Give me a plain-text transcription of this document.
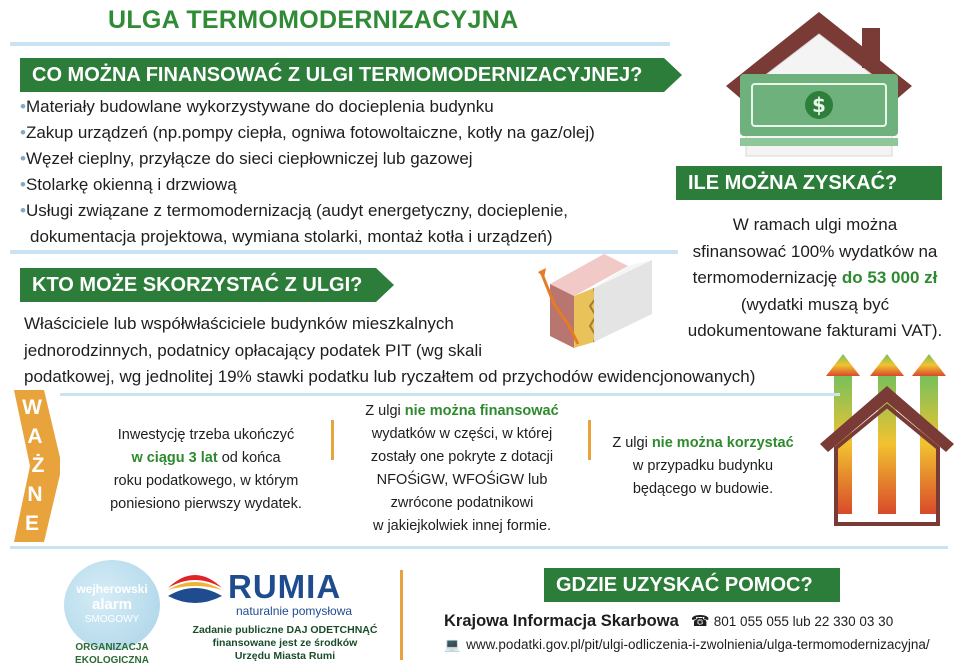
ULGA TERMOMODERNIZACYJNA
CO MOŻNA FINANSOWAĆ Z ULGI TERMOMODERNIZACYJNEJ?
•Materiały budowlane wykorzystywane do docieplenia budynku
•Zakup urządzeń (np.pompy ciepła, ogniwa fotowoltaiczne, kotły na gaz/olej)
•Węzeł cieplny, przyłącze do sieci ciepłowniczej lub gazowej
•Stolarkę okienną i drzwiową
•Usługi związane z termomodernizacją (audyt energetyczny, docieplenie,
dokumentacja projektowa, wymiana stolarki, montaż kotła i urządzeń)
$
ILE MOŻNA ZYSKAĆ?
W ramach ulgi można
sfinansować 100% wydatków na
termomodernizację do 53 000 zł
(wydatki muszą być
udokumentowane fakturami VAT).
KTO MOŻE SKORZYSTAĆ Z ULGI?
Właściciele lub współwłaściciele budynków mieszkalnych
jednorodzinnych, podatnicy opłacający podatek PIT (wg skali
podatkowej, wg jednolitej 19% stawki podatku lub ryczałtem od przychodów ewidencjonowanych)
W
A
Ż
N
E
Inwestycję trzeba ukończyć
w ciągu 3 lat od końca
roku podatkowego, w którym
poniesiono pierwszy wydatek.
Z ulgi nie można finansować
wydatków w części, w której
zostały one pokryte z dotacji
NFOŚiGW, WFOŚiGW lub
zwrócone podatnikowi
w jakiejkolwiek innej formie.
Z ulgi nie można korzystać
w przypadku budynku
będącego w budowie.
wejherowski
alarm
SMOGOWY
ORGANIZACJA
EKOLOGICZNA
RUMIA
naturalnie pomysłowa
Zadanie publiczne DAJ ODETCHNĄĆ
finansowane jest ze środków
Urzędu Miasta Rumi
GDZIE UZYSKAĆ POMOC?
Krajowa Informacja Skarbowa ☎ 801 055 055 lub 22 330 03 30
💻 www.podatki.gov.pl/pit/ulgi-odliczenia-i-zwolnienia/ulga-termomodernizacyjna/
